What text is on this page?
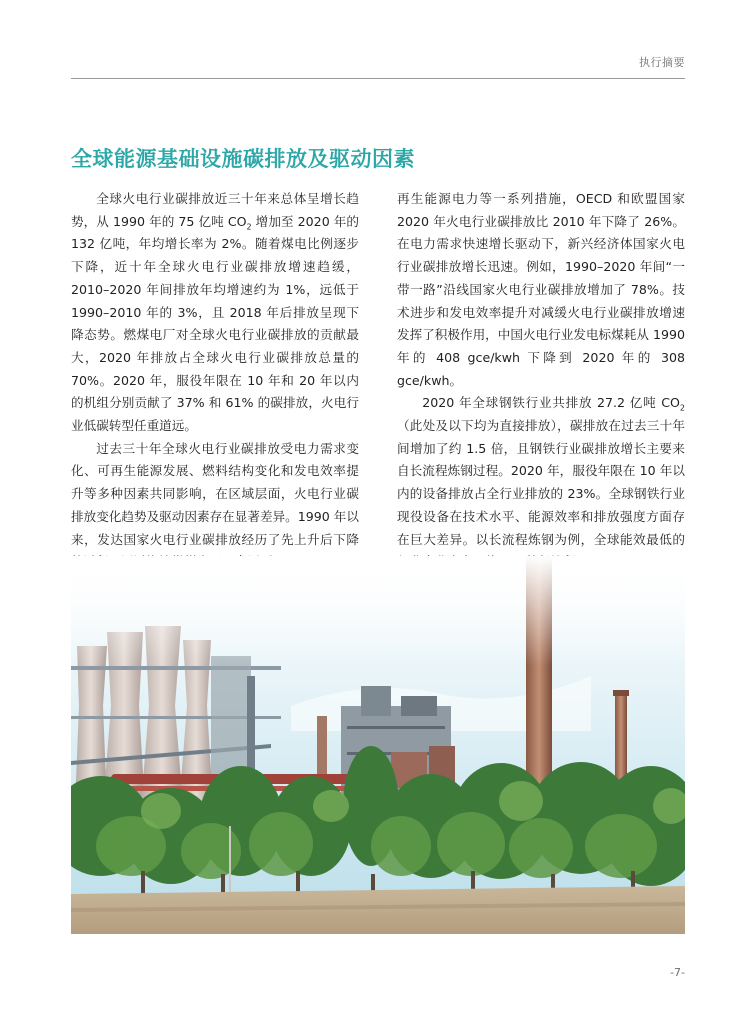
执行摘要
全球能源基础设施碳排放及驱动因素

全球火电行业碳排放近三十年来总体呈增长趋势，从 1990 年的 75 亿吨 $CO_2$ 增加至 2020 年的 132 亿吨，年均增长率为 2%。随着煤电比例逐步下降，近十年全球火电行业碳排放增速趋缓，2010–2020 年间排放年均增速约为 1%，远低于 1990–2010 年的 3%，且 2018 年后排放呈现下降态势。燃煤电厂对全球火电行业碳排放的贡献最大，2020 年排放占全球火电行业碳排放总量的 70%。2020 年，服役年限在 10 年和 20 年以内的机组分别贡献了 37% 和 61% 的碳排放，火电行业低碳转型任重道远。

过去三十年全球火电行业碳排放受电力需求变化、可再生能源发展、燃料结构变化和发电效率提升等多种因素共同影响，在区域层面，火电行业碳排放变化趋势及驱动因素存在显著差异。1990 年以来，发达国家火电行业碳排放经历了先上升后下降

再生能源电力等一系列措施，OECD 和欧盟国家 2020 年火电行业碳排放比 2010 年下降了 26%。在电力需求快速增长驱动下，新兴经济体国家火电行业碳排放增长迅速。例如，1990–2020 年间“一带一路”沿线国家火电行业碳排放增加了 78%。技术进步和发电效率提升对减缓火电行业碳排放增速发挥了积极作用，中国火电行业发电标煤耗从 1990 年的 408 gce/kwh 下降到 2020 年的 308 gce/kwh。

2020 年全球钢铁行业共排放 27.2 亿吨 $CO_2$（此处及以下均为直接排放），碳排放在过去三十年间增加了约 1.5 倍，且钢铁行业碳排放增长主要来自长流程炼钢过程。2020 年，服役年限在 10 年以内的设备排放占全行业排放的 23%。全球钢铁行业现役设备在技术水平、能源效率和排放强度方面存在巨大差异。以长流程炼钢为例，全球能效最低的

-7-
